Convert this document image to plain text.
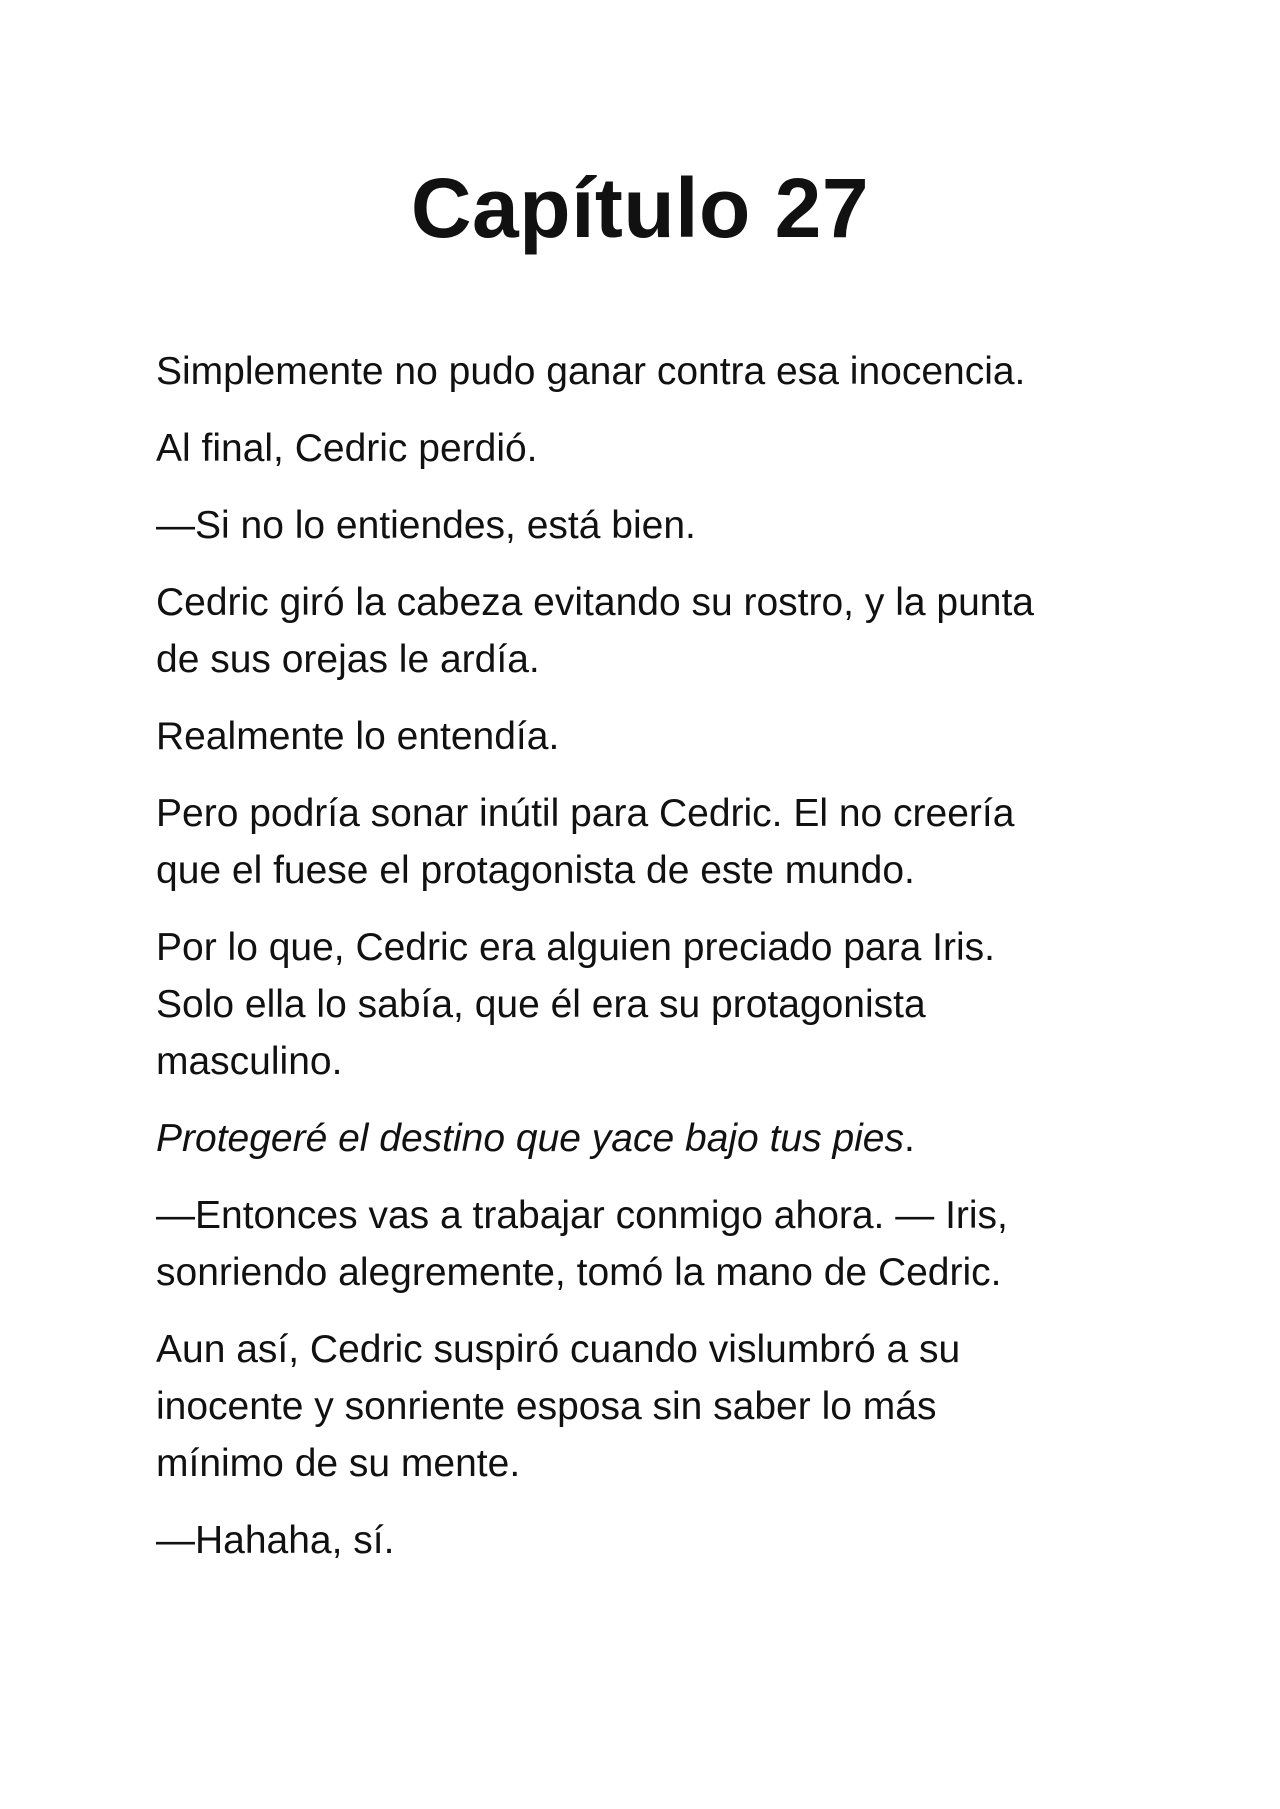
Capítulo 27

Simplemente no pudo ganar contra esa inocencia.

Al final, Cedric perdió.

—Si no lo entiendes, está bien.

Cedric giró la cabeza evitando su rostro, y la punta
de sus orejas le ardía.

Realmente lo entendía.

Pero podría sonar inútil para Cedric. El no creería
que el fuese el protagonista de este mundo.

Por lo que, Cedric era alguien preciado para Iris.
Solo ella lo sabía, que él era su protagonista
masculino.

Protegeré el destino que yace bajo tus pies.

—Entonces vas a trabajar conmigo ahora. — Iris,
sonriendo alegremente, tomó la mano de Cedric.

Aun así, Cedric suspiró cuando vislumbró a su
inocente y sonriente esposa sin saber lo más
mínimo de su mente.

—Hahaha, sí.
